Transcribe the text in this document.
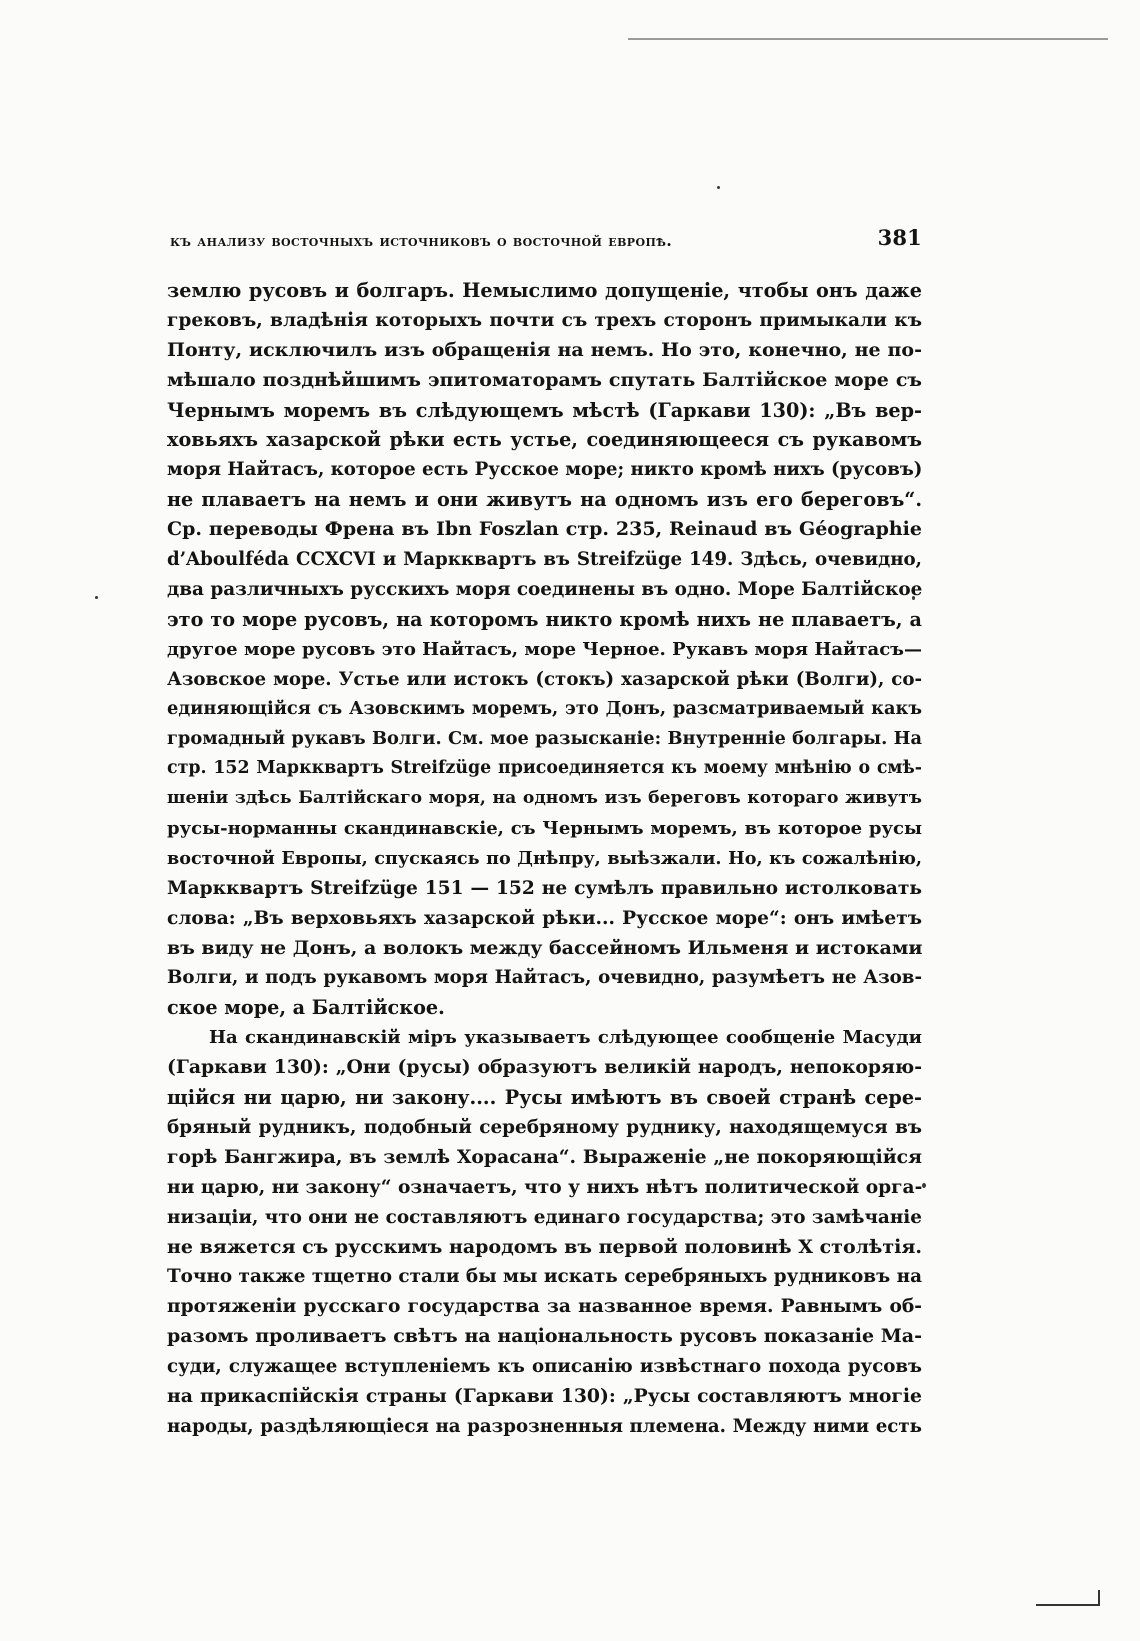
къ анализу восточныхъ источниковъ о восточной европѣ.	381
землю русовъ и болгаръ. Немыслимо допущеніе, чтобы онъ даже
грековъ, владѣнія которыхъ почти съ трехъ сторонъ примыкали къ
Понту, исключилъ изъ обращенія на немъ. Но это, конечно, не по-
мѣшало позднѣйшимъ эпитоматорамъ спутать Балтійское море съ
Чернымъ моремъ въ слѣдующемъ мѣстѣ (Гаркави 130): „Въ вер-
ховьяхъ хазарской рѣки есть устье, соединяющееся съ рукавомъ
моря Найтасъ, которое есть Русское море; никто кромѣ нихъ (русовъ)
не плаваетъ на немъ и они живутъ на одномъ изъ его береговъ“.
Ср. переводы Френа въ Ibn Foszlan стр. 235, Reinaud въ Géographie
d’Aboulféda CCXCVI и Маркквартъ въ Streifzüge 149. Здѣсь, очевидно,
два различныхъ русскихъ моря соединены въ одно. Море Балтійское
это то море русовъ, на которомъ никто кромѣ нихъ не плаваетъ, а
другое море русовъ это Найтасъ, море Черное. Рукавъ моря Найтасъ—
Азовское море. Устье или истокъ (стокъ) хазарской рѣки (Волги), со-
единяющійся съ Азовскимъ моремъ, это Донъ, разсматриваемый какъ
громадный рукавъ Волги. См. мое разысканіе: Внутренніе болгары. На
стр. 152 Маркквартъ Streifzüge присоединяется къ моему мнѣнію о смѣ-
шеніи здѣсь Балтійскаго моря, на одномъ изъ береговъ котораго живутъ
русы-норманны скандинавскіе, съ Чернымъ моремъ, въ которое русы
восточной Европы, спускаясь по Днѣпру, выѣзжали. Но, къ сожалѣнію,
Маркквартъ Streifzüge 151 — 152 не сумѣлъ правильно истолковать
слова: „Въ верховьяхъ хазарской рѣки... Русское море“: онъ имѣетъ
въ виду не Донъ, а волокъ между бассейномъ Ильменя и истоками
Волги, и подъ рукавомъ моря Найтасъ, очевидно, разумѣетъ не Азов-
ское море, а Балтійское.
На скандинавскій міръ указываетъ слѣдующее сообщеніе Масуди
(Гаркави 130): „Они (русы) образуютъ великій народъ, непокоряю-
щійся ни царю, ни закону.... Русы имѣютъ въ своей странѣ сере-
бряный рудникъ, подобный серебряному руднику, находящемуся въ
горѣ Бангжира, въ землѣ Хорасана“. Выраженіе „не покоряющійся
ни царю, ни закону“ означаетъ, что у нихъ нѣтъ политической орга-
низаціи, что они не составляютъ единаго государства; это замѣчаніе
не вяжется съ русскимъ народомъ въ первой половинѣ X столѣтія.
Точно также тщетно стали бы мы искать серебряныхъ рудниковъ на
протяженіи русскаго государства за названное время. Равнымъ об-
разомъ проливаетъ свѣтъ на національность русовъ показаніе Ма-
суди, служащее вступленіемъ къ описанію извѣстнаго похода русовъ
на прикаспійскія страны (Гаркави 130): „Русы составляютъ многіе
народы, раздѣляющіеся на разрозненныя племена. Между ними есть
